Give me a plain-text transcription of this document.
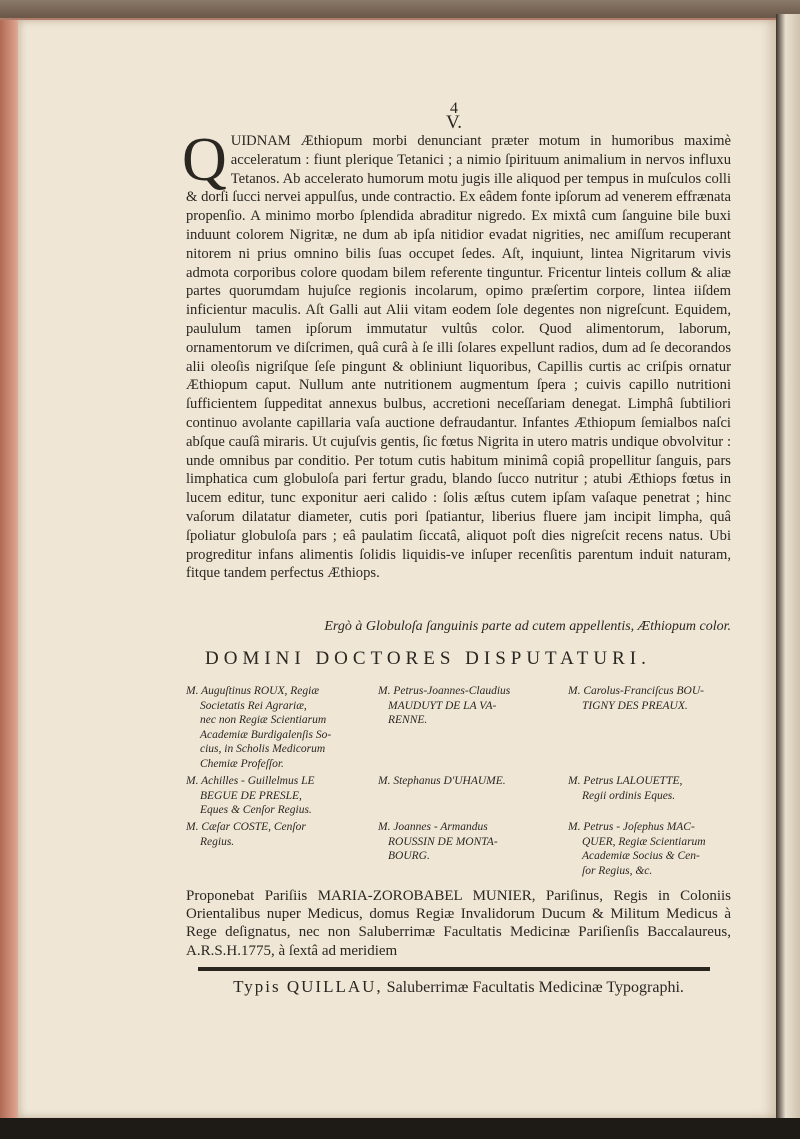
4
V.
Q UIDNAM Æthiopum morbi denunciant præter motum in humoribus maximè acceleratum : fiunt plerique Tetanici ; a nimio ſpirituum animalium in nervos influxu Tetanos. Ab accelerato humorum motu jugis ille aliquod per tempus in muſculos colli & dorſi ſucci nervei appulſus, unde contractio. Ex eâdem fonte ipſorum ad venerem effrænata propenſio. A minimo morbo ſplendida abraditur nigredo. Ex mixtâ cum ſanguine bile buxi induunt colorem Nigritæ, ne dum ab ipſa nitidior evadat nigrities, nec amiſſum recuperant nitorem ni prius omnino bilis ſuas occupet ſedes. Aſt, inquiunt, lintea Nigritarum vivis admota corporibus colore quodam bilem referente tinguntur. Fricentur linteis collum & aliæ partes quorumdam hujuſce regionis incolarum, opimo præſertim corpore, lintea iiſdem inficientur maculis. Aſt Galli aut Alii vitam eodem ſole degentes non nigreſcunt. Equidem, paululum tamen ipſorum immutatur vultûs color. Quod alimentorum, laborum, ornamentorum ve diſcrimen, quâ curâ à ſe illi ſolares expellunt radios, dum ad ſe decorandos alii oleoſis nigriſque ſeſe pingunt & obliniunt liquoribus, Capillis curtis ac criſpis ornatur Æthiopum caput. Nullum ante nutritionem augmentum ſpera ; cuivis capillo nutritioni ſufficientem ſuppeditat annexus bulbus, accretioni neceſſariam denegat. Limphâ ſubtiliori continuo avolante capillaria vaſa auctione defraudantur. Infantes Æthiopum ſemialbos naſci abſque cauſâ miraris. Ut cujuſvis gentis, ſic fœtus Nigrita in utero matris undique obvolvitur : unde omnibus par conditio. Per totum cutis habitum minimâ copiâ propellitur ſanguis, pars limphatica cum globuloſa pari fertur gradu, blando ſucco nutritur ; atubi Æthiops fœtus in lucem editur, tunc exponitur aeri calido : ſolis æſtus cutem ipſam vaſaque penetrat ; hinc vaſorum dilatatur diameter, cutis pori ſpatiantur, liberius fluere jam incipit limpha, quâ ſpoliatur globuloſa pars ; eâ paulatim ſiccatâ, aliquot poſt dies nigreſcit recens natus. Ubi progreditur infans alimentis ſolidis liquidis-ve inſuper recenſitis parentum induit naturam, fitque tandem perfectus Æthiops.
Ergò à Globuloſa ſanguinis parte ad cutem appellentis, Æthiopum color.
DOMINI DOCTORES DISPUTATURI.
M. Auguſtinus ROUX, Regiæ
Societatis Rei Agrariæ,
nec non Regiæ Scientiarum
Academiæ Burdigalenſis So-
cius, in Scholis Medicorum
Chemiæ Profeſſor.
M. Petrus-Joannes-Claudius
MAUDUYT DE LA VA-
RENNE.
M. Carolus-Franciſcus BOU-
TIGNY DES PREAUX.
M. Achilles - Guillelmus LE
BEGUE DE PRESLE,
Eques & Cenſor Regius.
M. Stephanus D'UHAUME.	M. Petrus LALOUETTE,
Regii ordinis Eques.
M. Cæſar COSTE, Cenſor
Regius.
M. Joannes - Armandus
ROUSSIN DE MONTA-
BOURG.
M. Petrus - Joſephus MAC-
QUER, Regiæ Scientiarum
Academiæ Socius & Cen-
ſor Regius, &c.
Proponebat Pariſiis MARIA-ZOROBABEL MUNIER, Pariſinus, Regis in Coloniis Orientalibus nuper Medicus, domus Regiæ Invalidorum Ducum & Militum Medicus à Rege deſignatus, nec non Saluberrimæ Facultatis Medicinæ Pariſienſis Baccalaureus, A.R.S.H.1775, à ſextâ ad meridiem
Typis QUILLAU, Saluberrimæ Facultatis Medicinæ Typographi.
